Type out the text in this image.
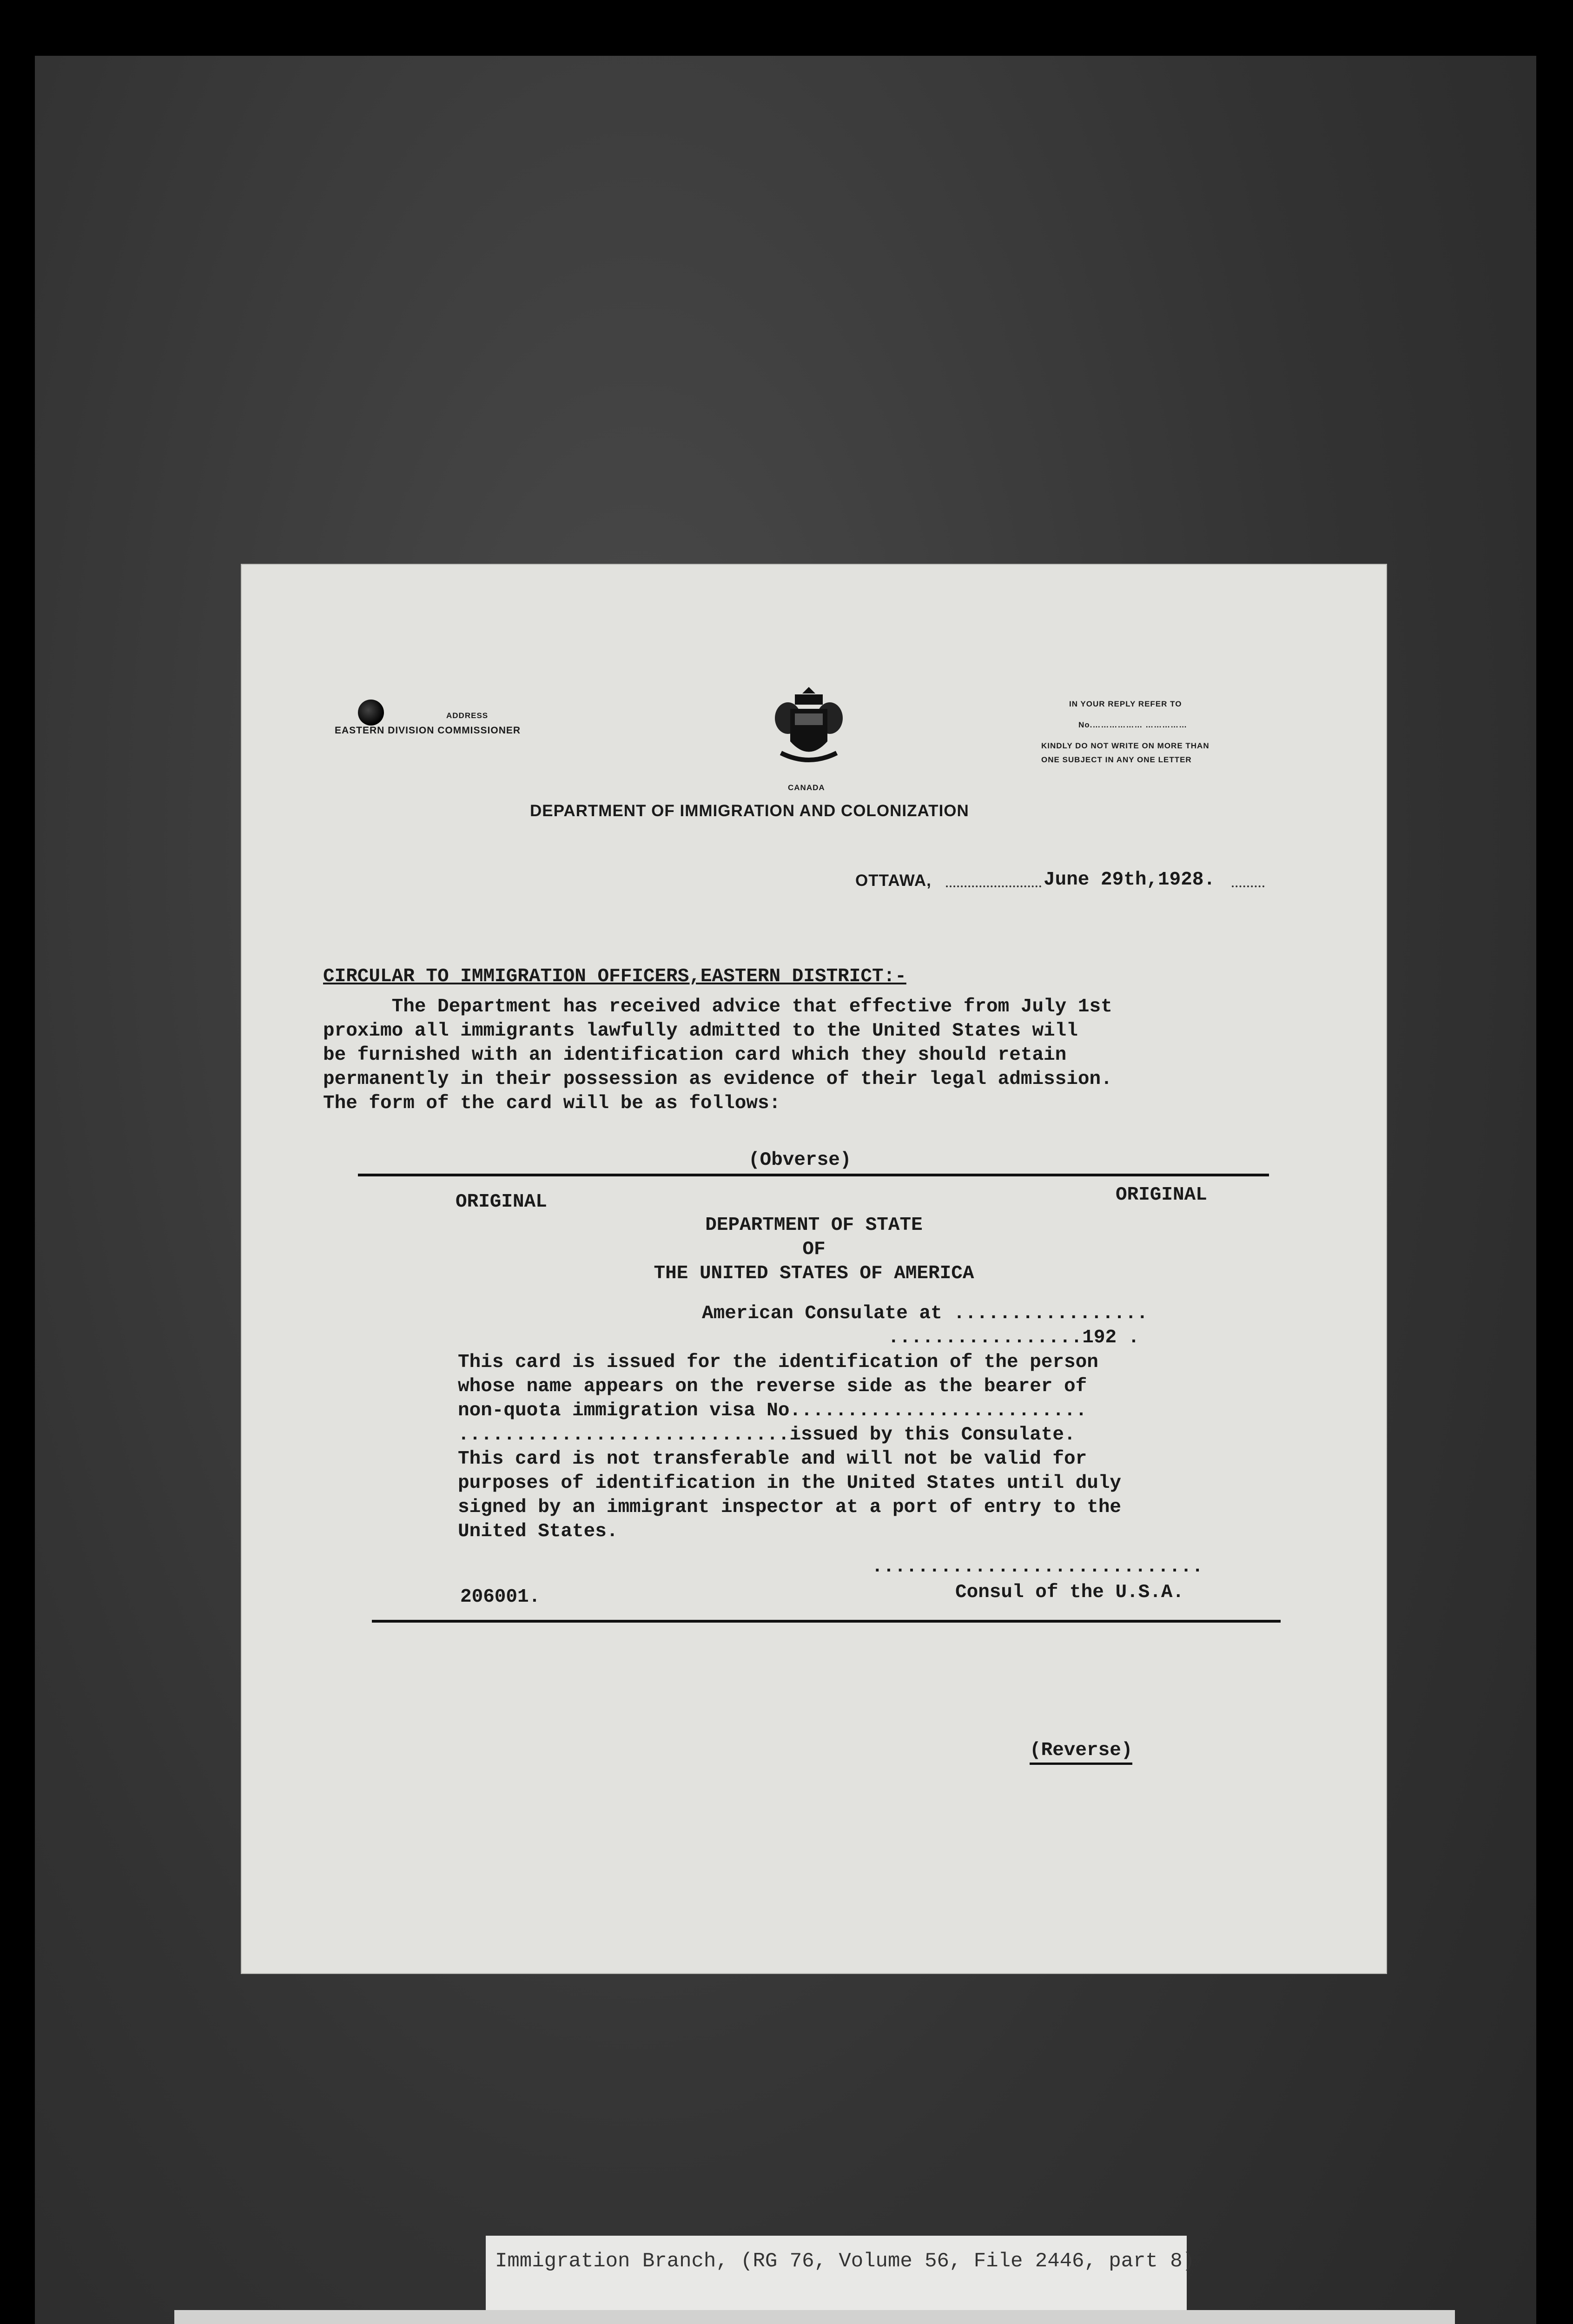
ADDRESS
EASTERN DIVISION COMMISSIONER
CANADA
IN YOUR REPLY REFER TO
No.……………… ……………
KINDLY DO NOT WRITE ON MORE THAN
ONE SUBJECT IN ANY ONE LETTER
DEPARTMENT OF IMMIGRATION AND COLONIZATION
OTTAWA,	June 29th,1928.
CIRCULAR TO IMMIGRATION OFFICERS,EASTERN DISTRICT:-
The Department has received advice that effective from July 1st
proximo all immigrants lawfully admitted to the United States will
be furnished with an identification card which they should retain
permanently in their possession as evidence of their legal admission.
The form of the card will be as follows:
(Obverse)
ORIGINAL	ORIGINAL
DEPARTMENT OF STATE
OF
THE UNITED STATES OF AMERICA
American Consulate at .................
.................192 .
This card is issued for the identification of the person
whose name appears on the reverse side as the bearer of
non-quota immigration visa No..........................
.............................issued by this Consulate.
This card is not transferable and will not be valid for
purposes of identification in the United States until duly
signed by an immigrant inspector at a port of entry to the
United States.
.............................
Consul of the U.S.A.
206001.
(Reverse)
Immigration Branch, (RG 76, Volume 56, File 2446, part 8)
